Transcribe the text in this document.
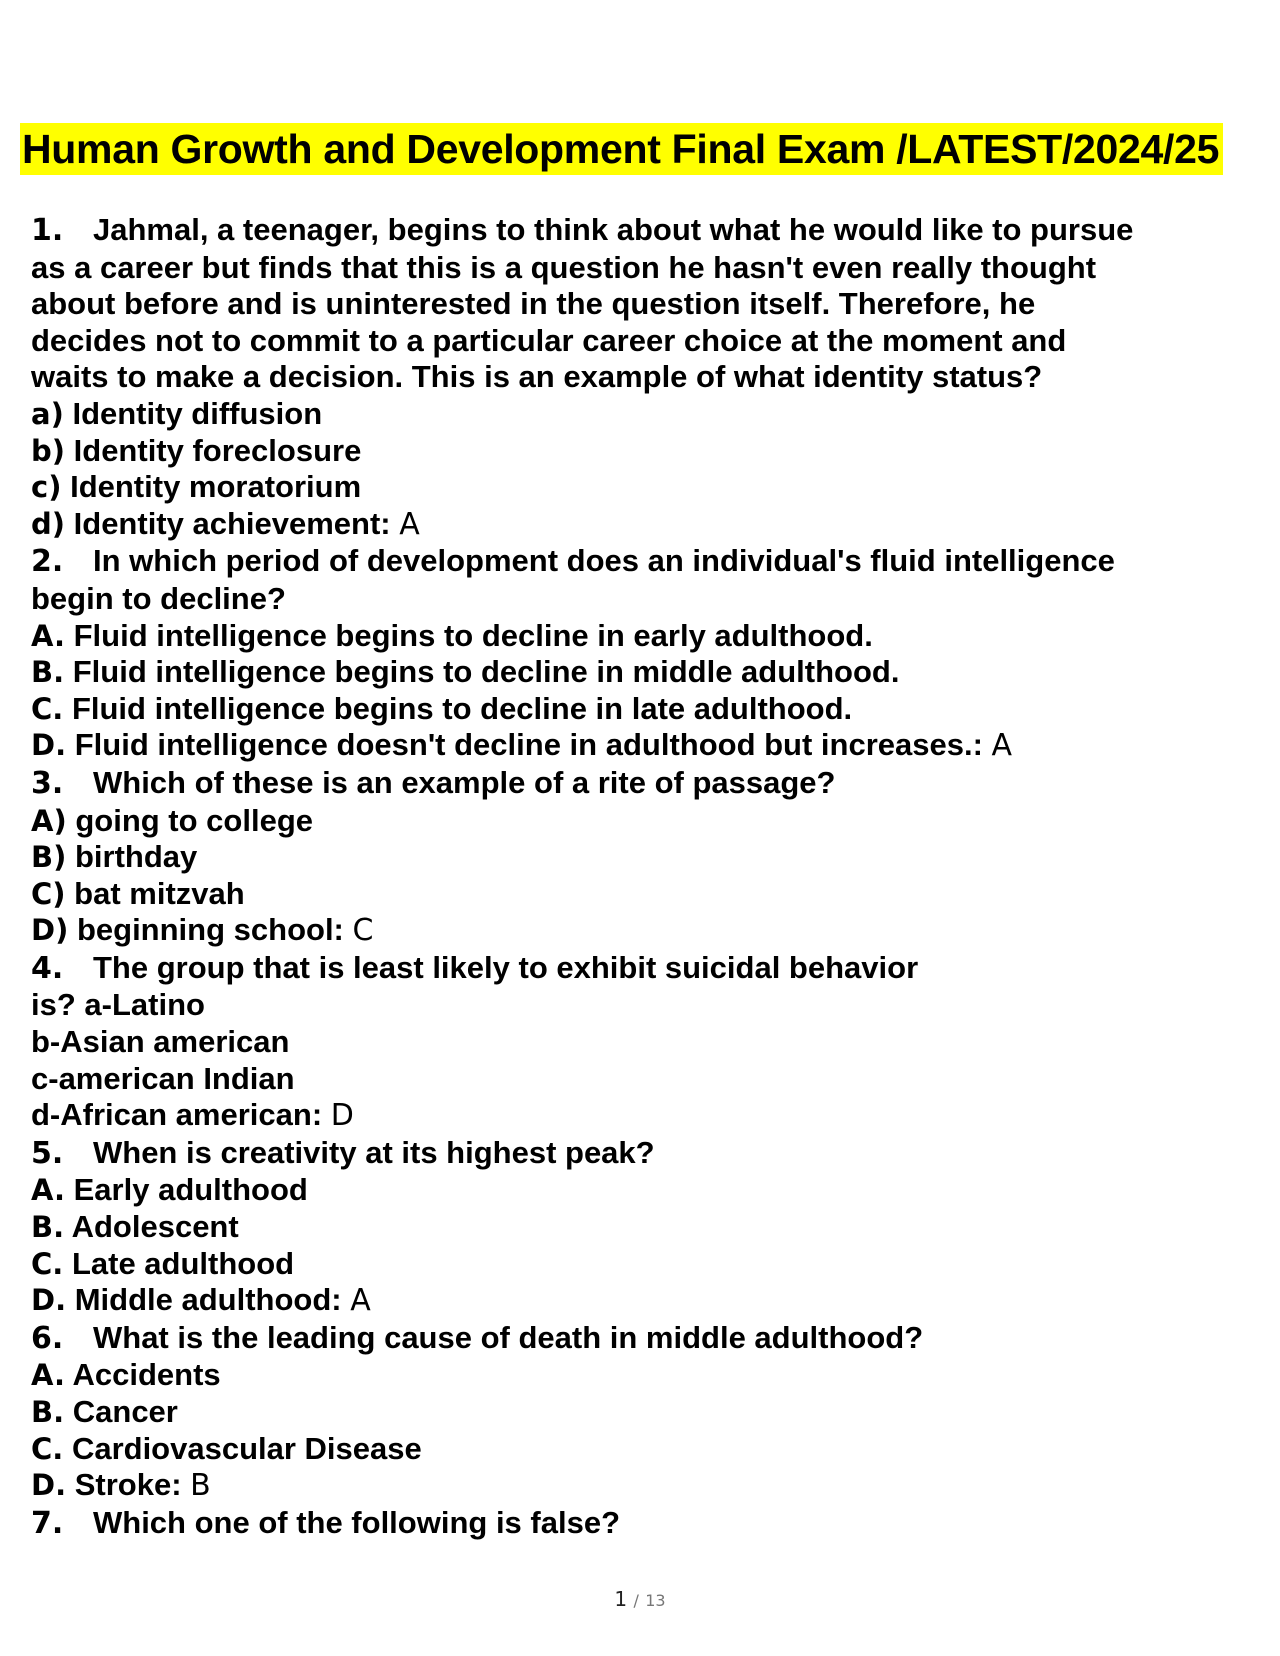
Human Growth and Development Final Exam /LATEST/2024/25
1. Jahmal, a teenager, begins to think about what he would like to pursue
as a career but finds that this is a question he hasn't even really thought
about before and is uninterested in the question itself. Therefore, he
decides not to commit to a particular career choice at the moment and
waits to make a decision. This is an example of what identity status?
a) Identity diffusion
b) Identity foreclosure
c) Identity moratorium
d) Identity achievement: A
2. In which period of development does an individual's fluid intelligence
begin to decline?
A. Fluid intelligence begins to decline in early adulthood.
B. Fluid intelligence begins to decline in middle adulthood.
C. Fluid intelligence begins to decline in late adulthood.
D. Fluid intelligence doesn't decline in adulthood but increases.: A
3. Which of these is an example of a rite of passage?
A) going to college
B) birthday
C) bat mitzvah
D) beginning school: C
4. The group that is least likely to exhibit suicidal behavior
is? a-Latino
b-Asian american
c-american Indian
d-African american: D
5. When is creativity at its highest peak?
A. Early adulthood
B. Adolescent
C. Late adulthood
D. Middle adulthood: A
6. What is the leading cause of death in middle adulthood?
A. Accidents
B. Cancer
C. Cardiovascular Disease
D. Stroke: B
7. Which one of the following is false?
1 / 13
